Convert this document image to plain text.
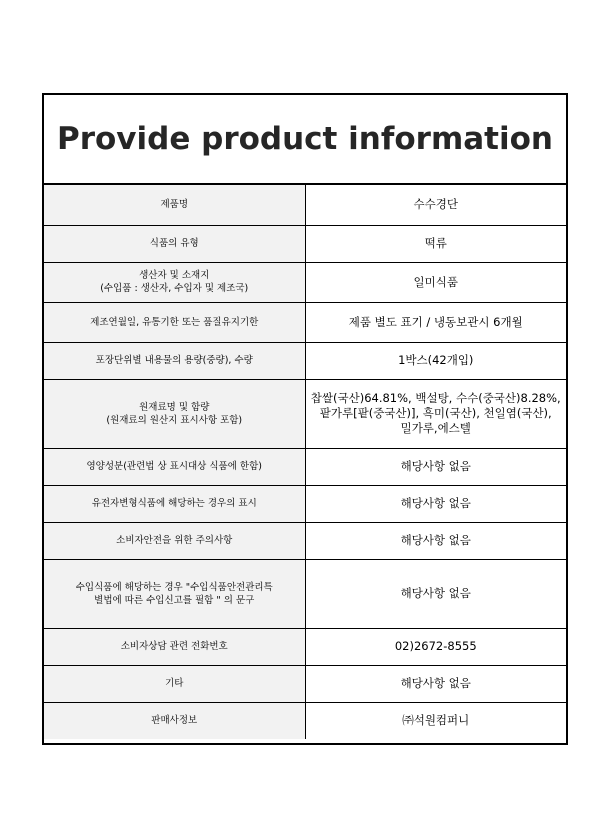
Provide product information
제품명	수수경단

식품의 유형	떡류

생산자 및 소재지
(수입품 : 생산자, 수입자 및 제조국)	일미식품

제조연월일, 유통기한 또는 품질유지기한	제품 별도 표기 / 냉동보관시 6개월

포장단위별 내용물의 용량(중량), 수량	1박스(42개입)

원재료명 및 함량
(원재료의 원산지 표시사항 포함)	찹쌀(국산)64.81%, 백설탕, 수수(중국산)8.28%,
팥가루[팥(중국산)], 흑미(국산), 천일염(국산),
밀가루,에스텔

영양성분(관련법 상 표시대상 식품에 한함)	해당사항 없음

유전자변형식품에 해당하는 경우의 표시	해당사항 없음

소비자안전을 위한 주의사항	해당사항 없음

수입식품에 해당하는 경우 "수입식품안전관리특
별법에 따른 수입신고를 필함 " 의 문구	해당사항 없음

소비자상담 관련 전화번호	02)2672-8555

기타	해당사항 없음

판매사정보	㈜석원컴퍼니
